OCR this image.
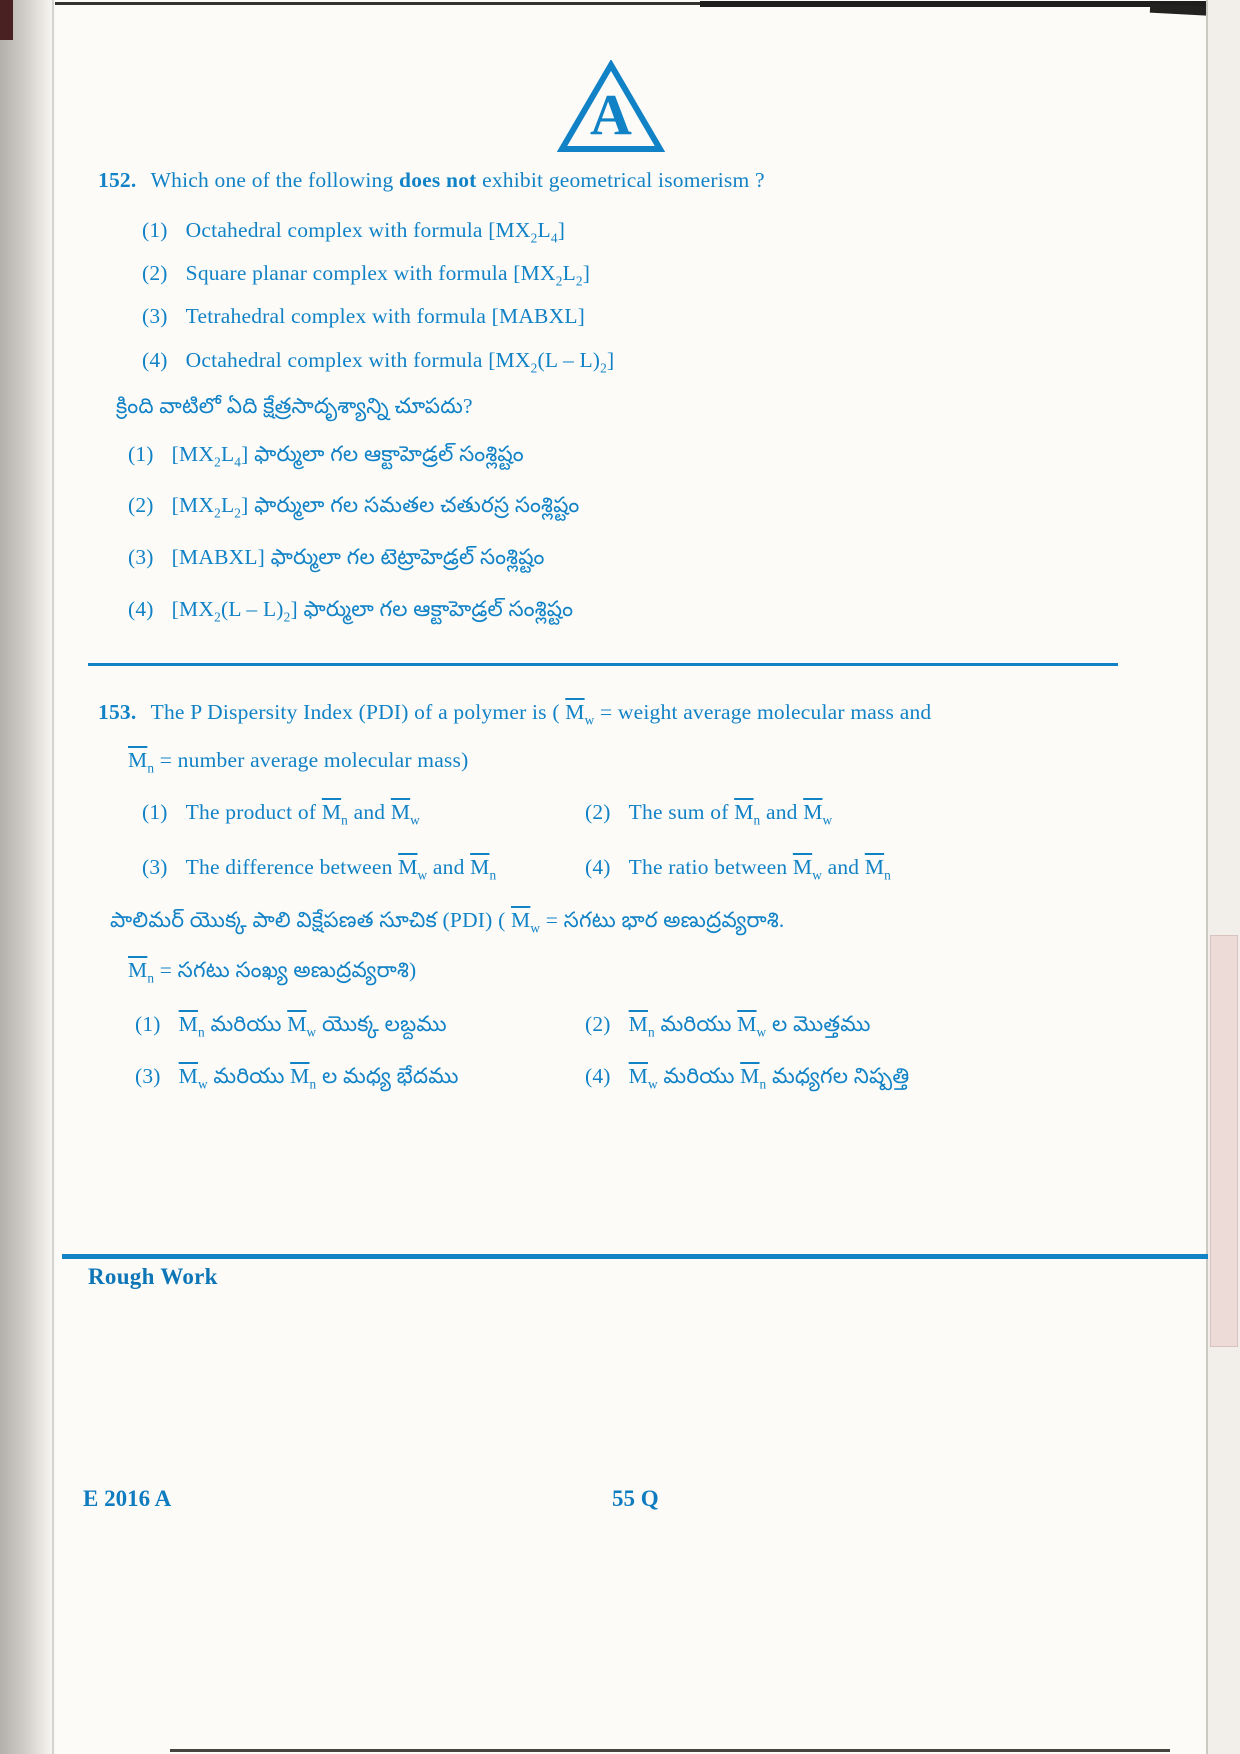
A
152. Which one of the following does not exhibit geometrical isomerism ?
(1) Octahedral complex with formula $[MX_2L_4]$
(2) Square planar complex with formula $[MX_2L_2]$
(3) Tetrahedral complex with formula [MABXL]
(4) Octahedral complex with formula $[MX_2(L - L)_2]$
క్రింది వాటిలో ఏది క్షేత్రసాదృశ్యాన్ని చూపదు?
(1) $[MX_2L_4]$ ఫార్ములా గల ఆక్టాహెడ్రల్ సంశ్లిష్టం
(2) $[MX_2L_2]$ ఫార్ములా గల సమతల చతురస్ర సంశ్లిష్టం
(3) [MABXL] ఫార్ములా గల టెట్రాహెడ్రల్ సంశ్లిష్టం
(4) $[MX_2(L - L)_2]$ ఫార్ములా గల ఆక్టాహెడ్రల్ సంశ్లిష్టం
153. The P Dispersity Index (PDI) of a polymer is ( $\overline{M}_w$ = weight average molecular mass and
$\overline{M}_n$ = number average molecular mass)
(1) The product of $\overline{M}_n$ and $\overline{M}_w$	(2) The sum of $\overline{M}_n$ and $\overline{M}_w$
(3) The difference between $\overline{M}_w$ and $\overline{M}_n$	(4) The ratio between $\overline{M}_w$ and $\overline{M}_n$
పాలిమర్ యొక్క పాలి విక్షేపణత సూచిక (PDI) ( $\overline{M}_w$ = సగటు భార అణుద్రవ్యరాశి.
$\overline{M}_n$ = సగటు సంఖ్య అణుద్రవ్యరాశి)
(1) $\overline{M}_n$ మరియు $\overline{M}_w$ యొక్క లబ్దము	(2) $\overline{M}_n$ మరియు $\overline{M}_w$ ల మొత్తము
(3) $\overline{M}_w$ మరియు $\overline{M}_n$ ల మధ్య భేదము	(4) $\overline{M}_w$ మరియు $\overline{M}_n$ మధ్యగల నిష్పత్తి
Rough Work
E 2016 A	55 Q
